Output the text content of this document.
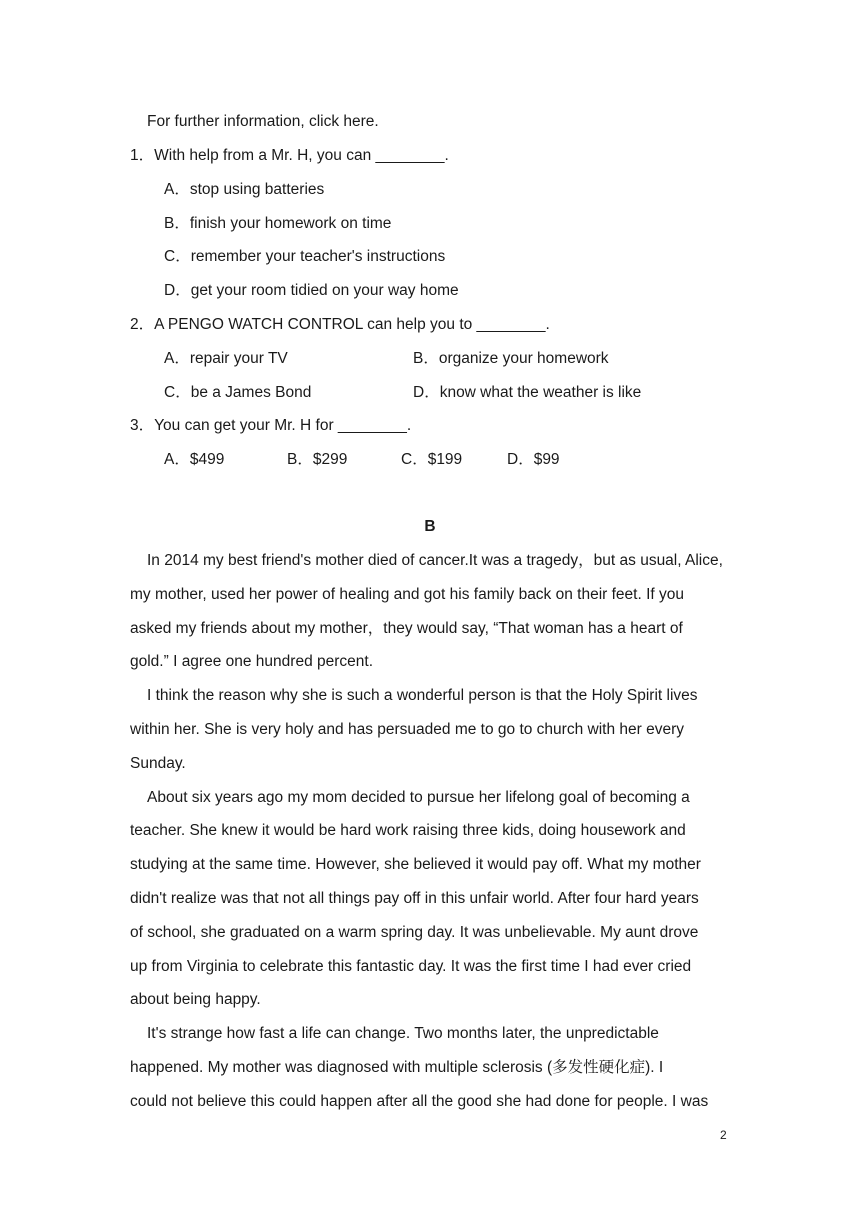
For further information, click here.
1．With help from a Mr. H, you can ________.
A．stop using batteries
B．finish your homework on time
C．remember your teacher's instructions
D．get your room tidied on your way home
2．A PENGO WATCH CONTROL can help you to ________.
A．repair your TV	B．organize your homework
C．be a James Bond	D．know what the weather is like
3．You can get your Mr. H for ________.
A．$499	B．$299	C．$199	D．$99
B
In 2014 my best friend's mother died of cancer.It was a tragedy，but as usual, Alice,
my mother, used her power of healing and got his family back on their feet. If you
asked my friends about my mother，they would say, “That woman has a heart of
gold.” I agree one hundred percent.
I think the reason why she is such a wonderful person is that the Holy Spirit lives
within her. She is very holy and has persuaded me to go to church with her every
Sunday.
About six years ago my mom decided to pursue her lifelong goal of becoming a
teacher. She knew it would be hard work raising three kids, doing housework and
studying at the same time. However, she believed it would pay off. What my mother
didn't realize was that not all things pay off in this unfair world. After four hard years
of school, she graduated on a warm spring day. It was unbelievable. My aunt drove
up from Virginia to celebrate this fantastic day. It was the first time I had ever cried
about being happy.
It's strange how fast a life can change. Two months later, the unpredictable
happened. My mother was diagnosed with multiple sclerosis (多发性硬化症). I
could not believe this could happen after all the good she had done for people. I was
2
